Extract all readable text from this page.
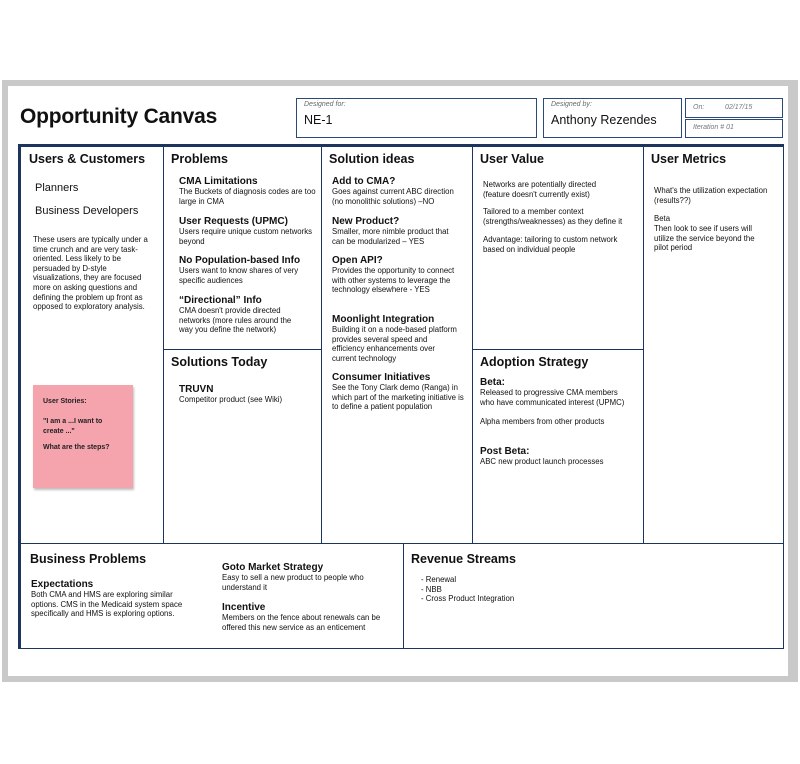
Opportunity Canvas
Designed for:
NE-1
Designed by:
Anthony Rezendes
On:	02/17/15
Iteration # 01
Users & Customers
Planners
Business Developers

These users are typically under a time crunch and are very task-oriented. Less likely to be persuaded by D-style visualizations, they are focused more on asking questions and defining the problem up front as opposed to exploratory analysis.

User Stories:

"I am a ...I want to

create ..."

What are the steps?

Problems

CMA Limitations

The Buckets of diagnosis codes are too large in CMA

User Requests (UPMC)

Users require unique custom networks beyond

No Population-based Info

Users want to know shares of very specific audiences

“Directional” Info

CMA doesn't provide directed networks (more rules around the way you define the network)

Solutions Today

TRUVN

Competitor product (see Wiki)

Solution ideas

Add to CMA?

Goes against current ABC direction (no monolithic solutions) –NO

New Product?

Smaller, more nimble product that can be modularized – YES

Open API?

Provides the opportunity to connect with other systems to leverage the technology elsewhere - YES

Moonlight Integration

Building it on a node-based platform provides several speed and efficiency enhancements over current technology

Consumer Initiatives

See the Tony Clark demo (Ranga) in which part of the marketing initiative is to define a patient population

User Value

Networks are potentially directed (feature doesn't currently exist)

Tailored to a member context (strengths/weaknesses) as they define it

Advantage: tailoring to custom network based on individual people

Adoption Strategy

Beta:

Released to progressive CMA members who have communicated interest (UPMC)

Alpha members from other products

Post Beta:

ABC new product launch processes

User Metrics

What's the utilization expectation (results??)

Beta

Then look to see if users will utilize the service beyond the pilot period

Business Problems

Expectations

Both CMA and HMS are exploring similar options. CMS in the Medicaid system space specifically and HMS is exploring options.

Goto Market Strategy

Easy to sell a new product to people who understand it

Incentive

Members on the fence about renewals can be offered this new service as an enticement

Revenue Streams

- Renewal

- NBB

- Cross Product Integration
